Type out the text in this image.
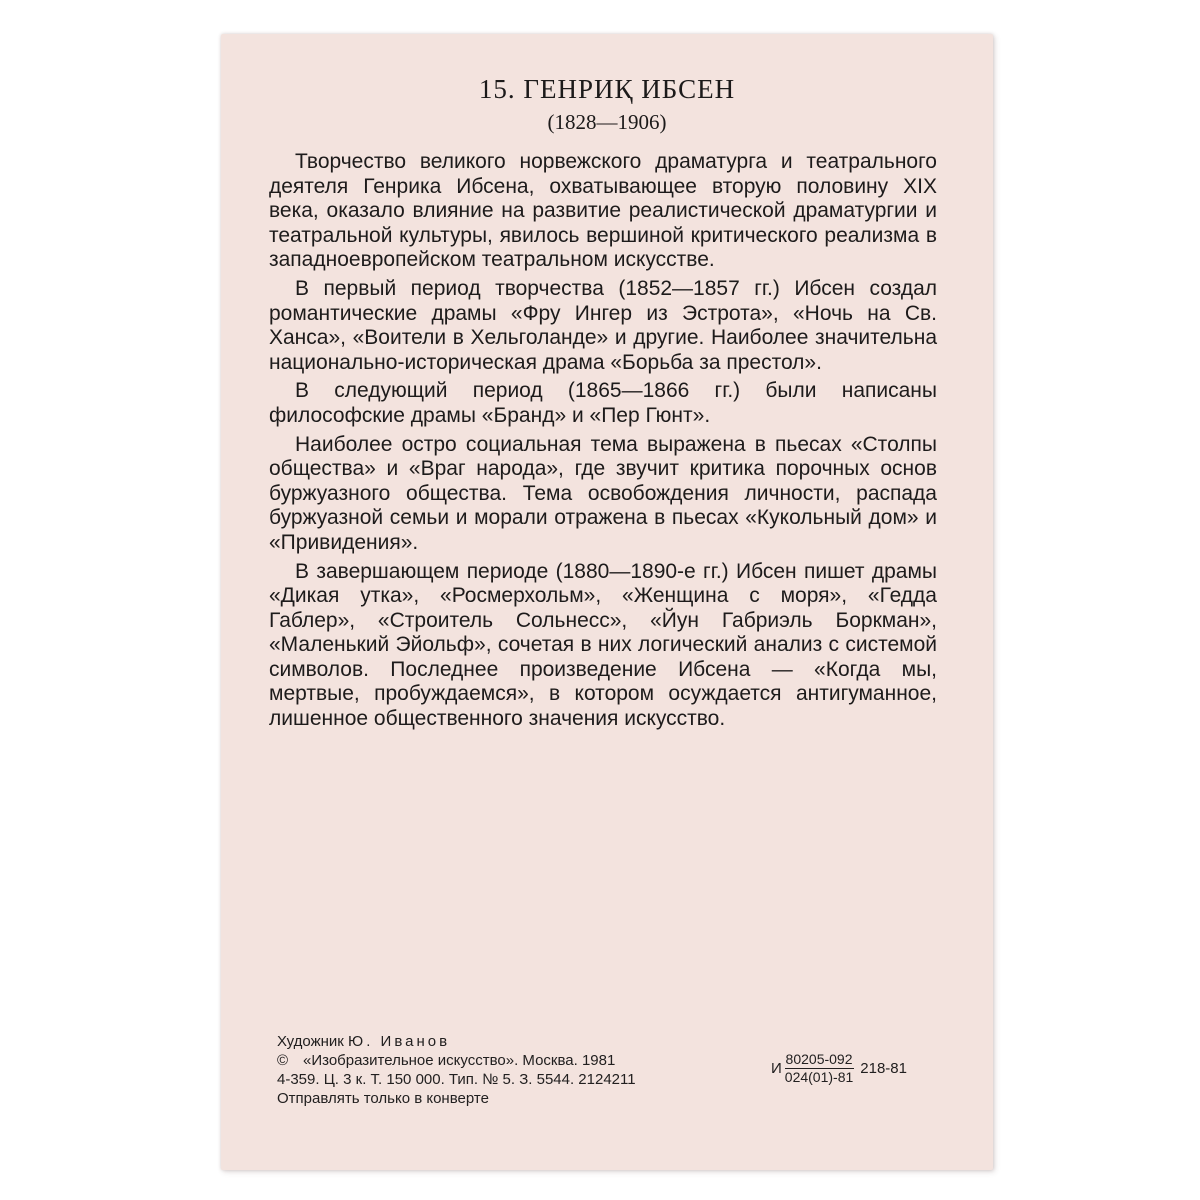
15. ГЕНРИҚ ИБСЕН
(1828—1906)

Творчество великого норвежского драматурга и театрального деятеля Генрика Ибсена, охватывающее вторую половину XIX века, оказало влияние на развитие реалистической драматургии и театральной культуры, явилось вершиной критического реализма в западноевропейском театральном искусстве.

В первый период творчества (1852—1857 гг.) Ибсен создал романтические драмы «Фру Ингер из Эстрота», «Ночь на Св. Ханса», «Воители в Хельголанде» и другие. Наиболее значительна национально-историческая драма «Борьба за престол».

В следующий период (1865—1866 гг.) были написаны философские драмы «Бранд» и «Пер Гюнт».

Наиболее остро социальная тема выражена в пьесах «Столпы общества» и «Враг народа», где звучит критика порочных основ буржуазного общества. Тема освобождения личности, распада буржуазной семьи и морали отражена в пьесах «Кукольный дом» и «Привидения».

В завершающем периоде (1880—1890-е гг.) Ибсен пишет драмы «Дикая утка», «Росмерхольм», «Женщина с моря», «Гедда Габлер», «Строитель Сольнесс», «Йун Габриэль Боркман», «Маленький Эйольф», сочетая в них логический анализ с системой символов. Последнее произведение Ибсена — «Когда мы, мертвые, пробуждаемся», в котором осуждается антигуманное, лишенное общественного значения искусство.

Художник Ю. Иванов
© «Изобразительное искусство». Москва. 1981
4-359. Ц. 3 к. Т. 150 000. Тип. № 5. З. 5544. 2124211
Отправлять только в конверте
И $\frac{80205-092}{024(01)-81} 218-81$
